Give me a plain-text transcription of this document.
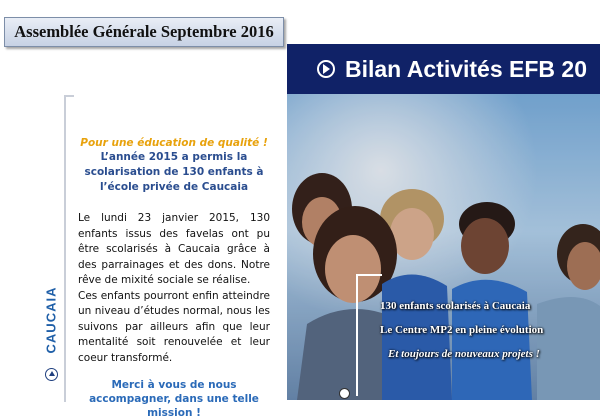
Assemblée Générale Septembre 2016
Bilan Activités EFB 20
130 enfants scolarisés à Caucaia
Le Centre MP2 en pleine évolution
Et toujours de nouveaux projets !
CAUCAIA

Pour une éducation de qualité !

L’année 2015 a permis la scolarisation de 130 enfants à l’école privée de Caucaia

Le lundi 23 janvier 2015, 130 enfants issus des favelas ont pu être scolarisés à Caucaia grâce à des parrainages et des dons. Notre rêve de mixité sociale se réalise.

Ces enfants pourront enfin atteindre un niveau d’études normal, nous les suivons par ailleurs afin que leur mentalité soit renouvelée et leur coeur transformé.

Merci à vous de nous accompagner, dans une telle mission !
